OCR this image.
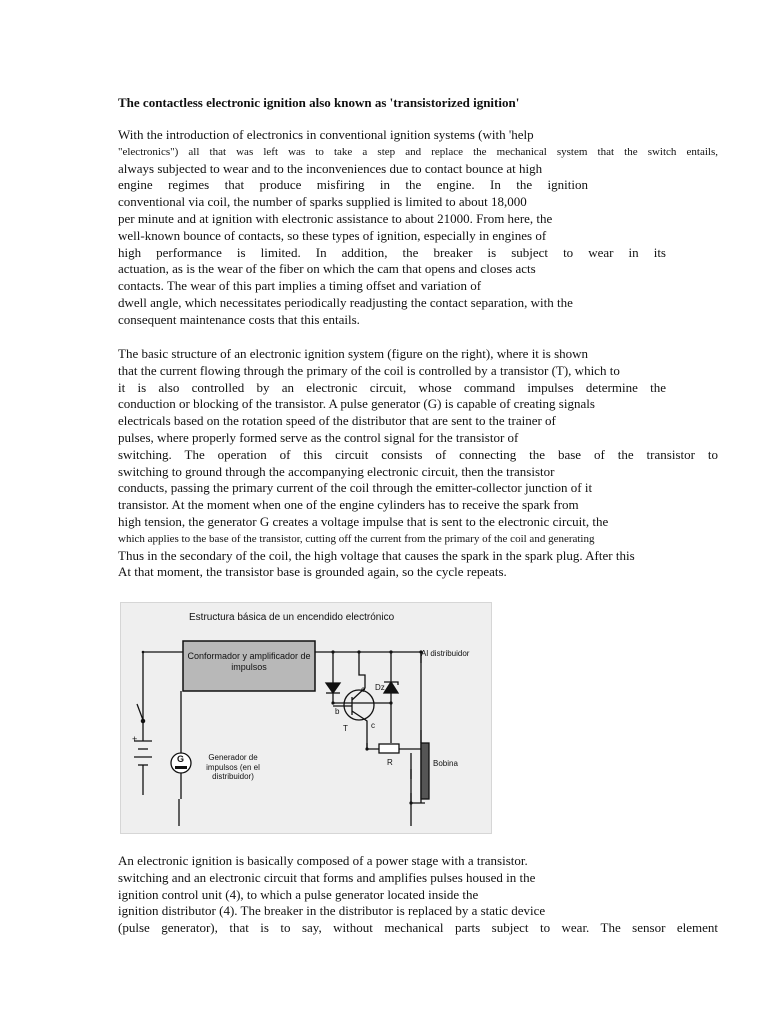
The contactless electronic ignition also known as 'transistorized ignition'
With the introduction of electronics in conventional ignition systems (with 'help
"electronics") all that was left was to take a step and replace the mechanical system that the switch entails,
always subjected to wear and to the inconveniences due to contact bounce at high
engine regimes that produce misfiring in the engine. In the ignition
conventional via coil, the number of sparks supplied is limited to about 18,000
per minute and at ignition with electronic assistance to about 21000. From here, the
well-known bounce of contacts, so these types of ignition, especially in engines of
high performance is limited. In addition, the breaker is subject to wear in its
actuation, as is the wear of the fiber on which the cam that opens and closes acts
contacts. The wear of this part implies a timing offset and variation of
dwell angle, which necessitates periodically readjusting the contact separation, with the
consequent maintenance costs that this entails.
The basic structure of an electronic ignition system (figure on the right), where it is shown
that the current flowing through the primary of the coil is controlled by a transistor (T), which to
it is also controlled by an electronic circuit, whose command impulses determine the
conduction or blocking of the transistor. A pulse generator (G) is capable of creating signals
electricals based on the rotation speed of the distributor that are sent to the trainer of
pulses, where properly formed serve as the control signal for the transistor of
switching. The operation of this circuit consists of connecting the base of the transistor to
switching to ground through the accompanying electronic circuit, then the transistor
conducts, passing the primary current of the coil through the emitter-collector junction of it
transistor. At the moment when one of the engine cylinders has to receive the spark from
high tension, the generator G creates a voltage impulse that is sent to the electronic circuit, the
which applies to the base of the transistor, cutting off the current from the primary of the coil and generating
Thus in the secondary of the coil, the high voltage that causes the spark in the spark plug. After this
At that moment, the transistor base is grounded again, so the cycle repeats.
Estructura básica de un encendido electrónico
Conformador y amplificador de impulsos
Al distribuidor
Dz
T
b
e
c
R	Bobina
G	Generador de impulsos (en el distribuidor)
+
An electronic ignition is basically composed of a power stage with a transistor.
switching and an electronic circuit that forms and amplifies pulses housed in the
ignition control unit (4), to which a pulse generator located inside the
ignition distributor (4). The breaker in the distributor is replaced by a static device
(pulse generator), that is to say, without mechanical parts subject to wear. The sensor element
